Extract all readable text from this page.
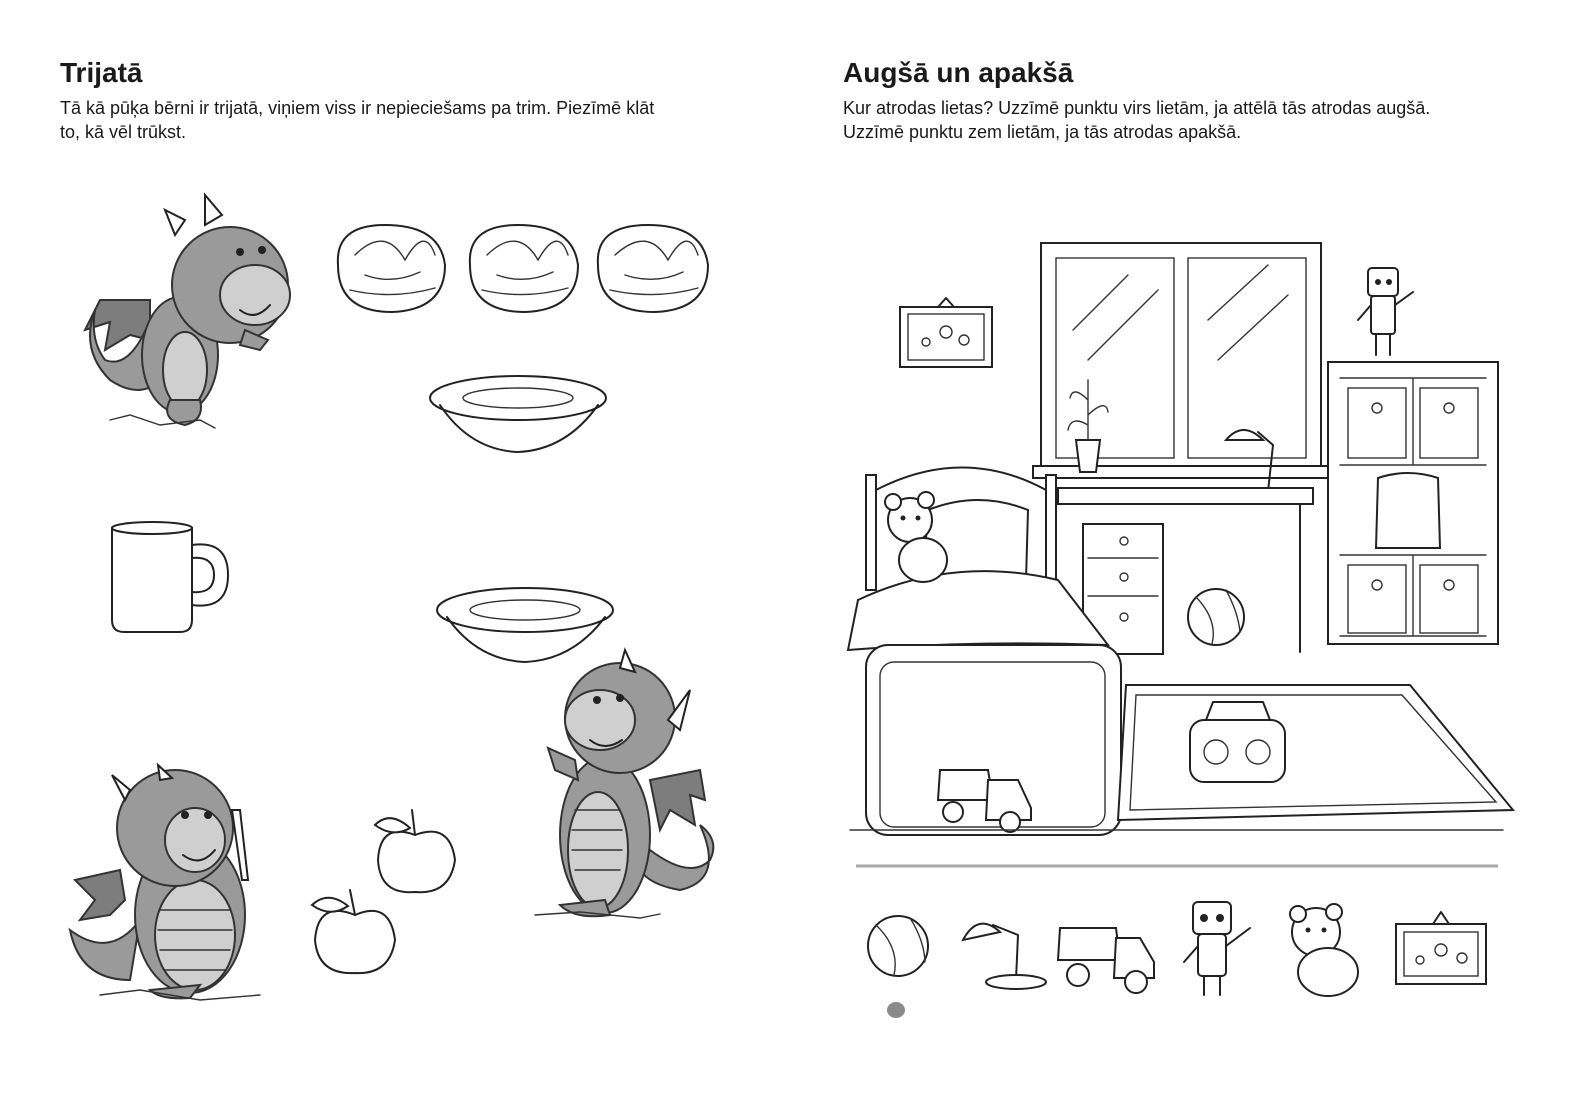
Trijatā

Tā kā pūķa bērni ir trijatā, viņiem viss ir nepieciešams pa trim. Piezīmē klāt

to, kā vēl trūkst.

Augšā un apakšā

Kur atrodas lietas? Uzzīmē punktu virs lietām, ja attēlā tās atrodas augšā.

Uzzīmē punktu zem lietām, ja tās atrodas apakšā.
